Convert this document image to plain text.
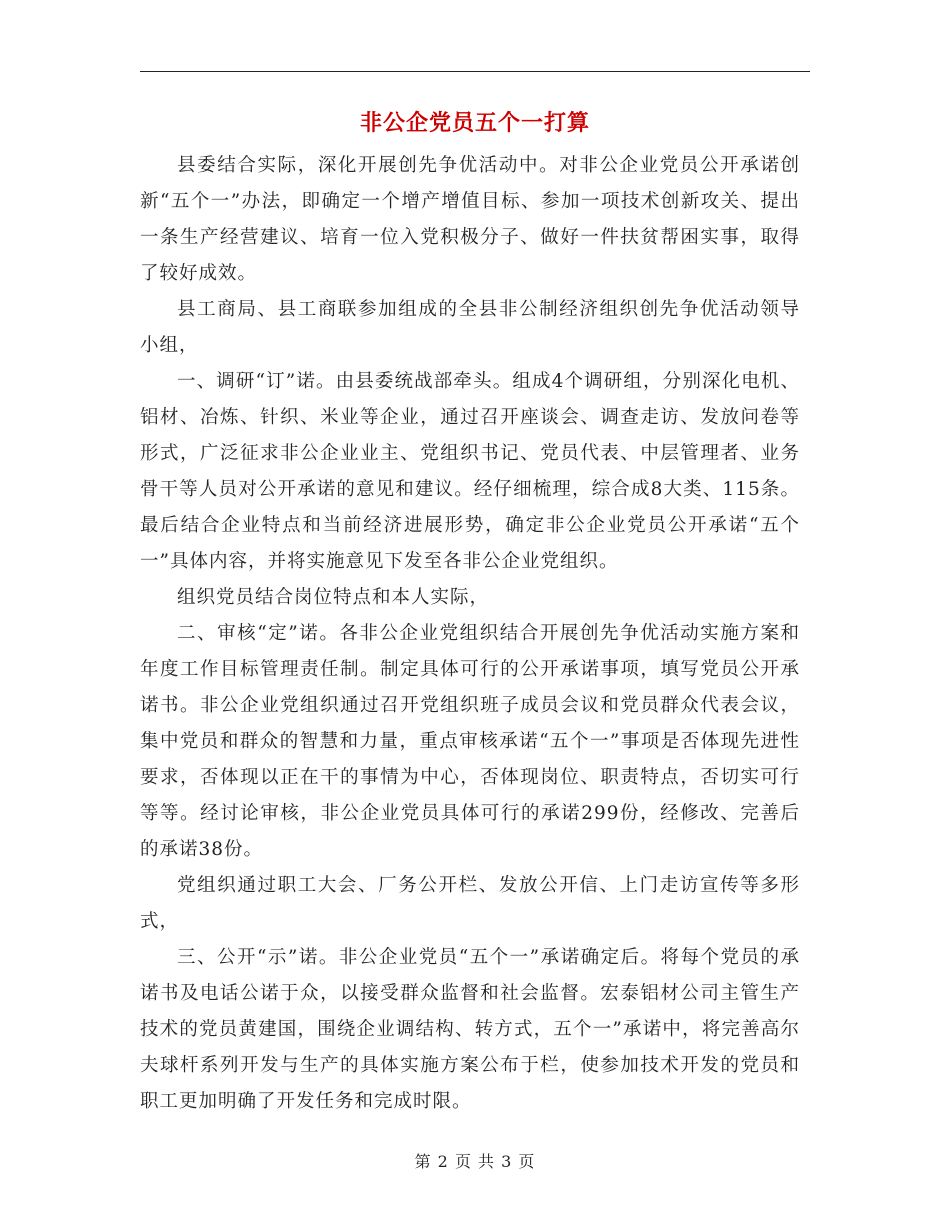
非公企党员五个一打算

县委结合实际，深化开展创先争优活动中。对非公企业党员公开承诺创新“五个一”办法，即确定一个增产增值目标、参加一项技术创新攻关、提出一条生产经营建议、培育一位入党积极分子、做好一件扶贫帮困实事，取得了较好成效。

县工商局、县工商联参加组成的全县非公制经济组织创先争优活动领导小组，

一、调研“订”诺。由县委统战部牵头。组成4个调研组，分别深化电机、铝材、冶炼、针织、米业等企业，通过召开座谈会、调查走访、发放问卷等形式，广泛征求非公企业业主、党组织书记、党员代表、中层管理者、业务骨干等人员对公开承诺的意见和建议。经仔细梳理，综合成8大类、115条。最后结合企业特点和当前经济进展形势，确定非公企业党员公开承诺“五个一”具体内容，并将实施意见下发至各非公企业党组织。

组织党员结合岗位特点和本人实际，

二、审核“定”诺。各非公企业党组织结合开展创先争优活动实施方案和年度工作目标管理责任制。制定具体可行的公开承诺事项，填写党员公开承诺书。非公企业党组织通过召开党组织班子成员会议和党员群众代表会议，集中党员和群众的智慧和力量，重点审核承诺“五个一”事项是否体现先进性要求，否体现以正在干的事情为中心，否体现岗位、职责特点，否切实可行等等。经讨论审核，非公企业党员具体可行的承诺299份，经修改、完善后的承诺38份。

党组织通过职工大会、厂务公开栏、发放公开信、上门走访宣传等多形式，

三、公开“示”诺。非公企业党员“五个一”承诺确定后。将每个党员的承诺书及电话公诺于众，以接受群众监督和社会监督。宏泰铝材公司主管生产技术的党员黄建国，围绕企业调结构、转方式，五个一”承诺中，将完善高尔夫球杆系列开发与生产的具体实施方案公布于栏，使参加技术开发的党员和职工更加明确了开发任务和完成时限。

第 2 页 共 3 页
